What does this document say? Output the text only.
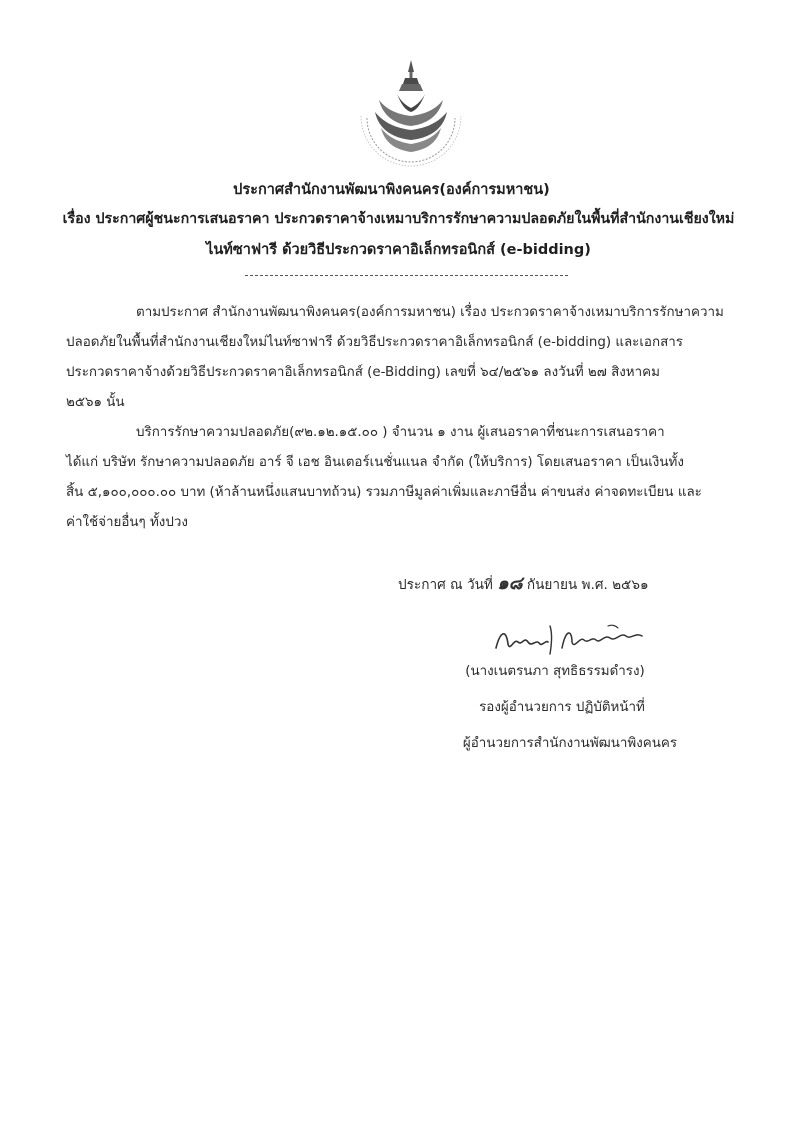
ประกาศสำนักงานพัฒนาพิงคนคร(องค์การมหาชน)
เรื่อง ประกาศผู้ชนะการเสนอราคา ประกวดราคาจ้างเหมาบริการรักษาความปลอดภัยในพื้นที่สำนักงานเชียงใหม่
ไนท์ซาฟารี ด้วยวิธีประกวดราคาอิเล็กทรอนิกส์ (e-bidding)
ตามประกาศ สำนักงานพัฒนาพิงคนคร(องค์การมหาชน) เรื่อง ประกวดราคาจ้างเหมาบริการรักษาความ
ปลอดภัยในพื้นที่สำนักงานเชียงใหม่ไนท์ซาฟารี ด้วยวิธีประกวดราคาอิเล็กทรอนิกส์ (e-bidding) และเอกสาร
ประกวดราคาจ้างด้วยวิธีประกวดราคาอิเล็กทรอนิกส์ (e-Bidding) เลขที่ ๖๔/๒๕๖๑ ลงวันที่ ๒๗ สิงหาคม
๒๕๖๑ นั้น
บริการรักษาความปลอดภัย(๙๒.๑๒.๑๕.๐๐ ) จำนวน ๑ งาน ผู้เสนอราคาที่ชนะการเสนอราคา
ได้แก่ บริษัท รักษาความปลอดภัย อาร์ จี เอช อินเตอร์เนชั่นแนล จำกัด (ให้บริการ) โดยเสนอราคา เป็นเงินทั้ง
สิ้น ๕,๑๐๐,๐๐๐.๐๐ บาท (ห้าล้านหนึ่งแสนบาทถ้วน) รวมภาษีมูลค่าเพิ่มและภาษีอื่น ค่าขนส่ง ค่าจดทะเบียน และ
ค่าใช้จ่ายอื่นๆ ทั้งปวง
ประกาศ ณ วันที่ ๑๘ กันยายน พ.ศ. ๒๕๖๑
(นางเนตรนภา สุทธิธรรมดำรง)
รองผู้อำนวยการ ปฏิบัติหน้าที่
ผู้อำนวยการสำนักงานพัฒนาพิงคนคร
